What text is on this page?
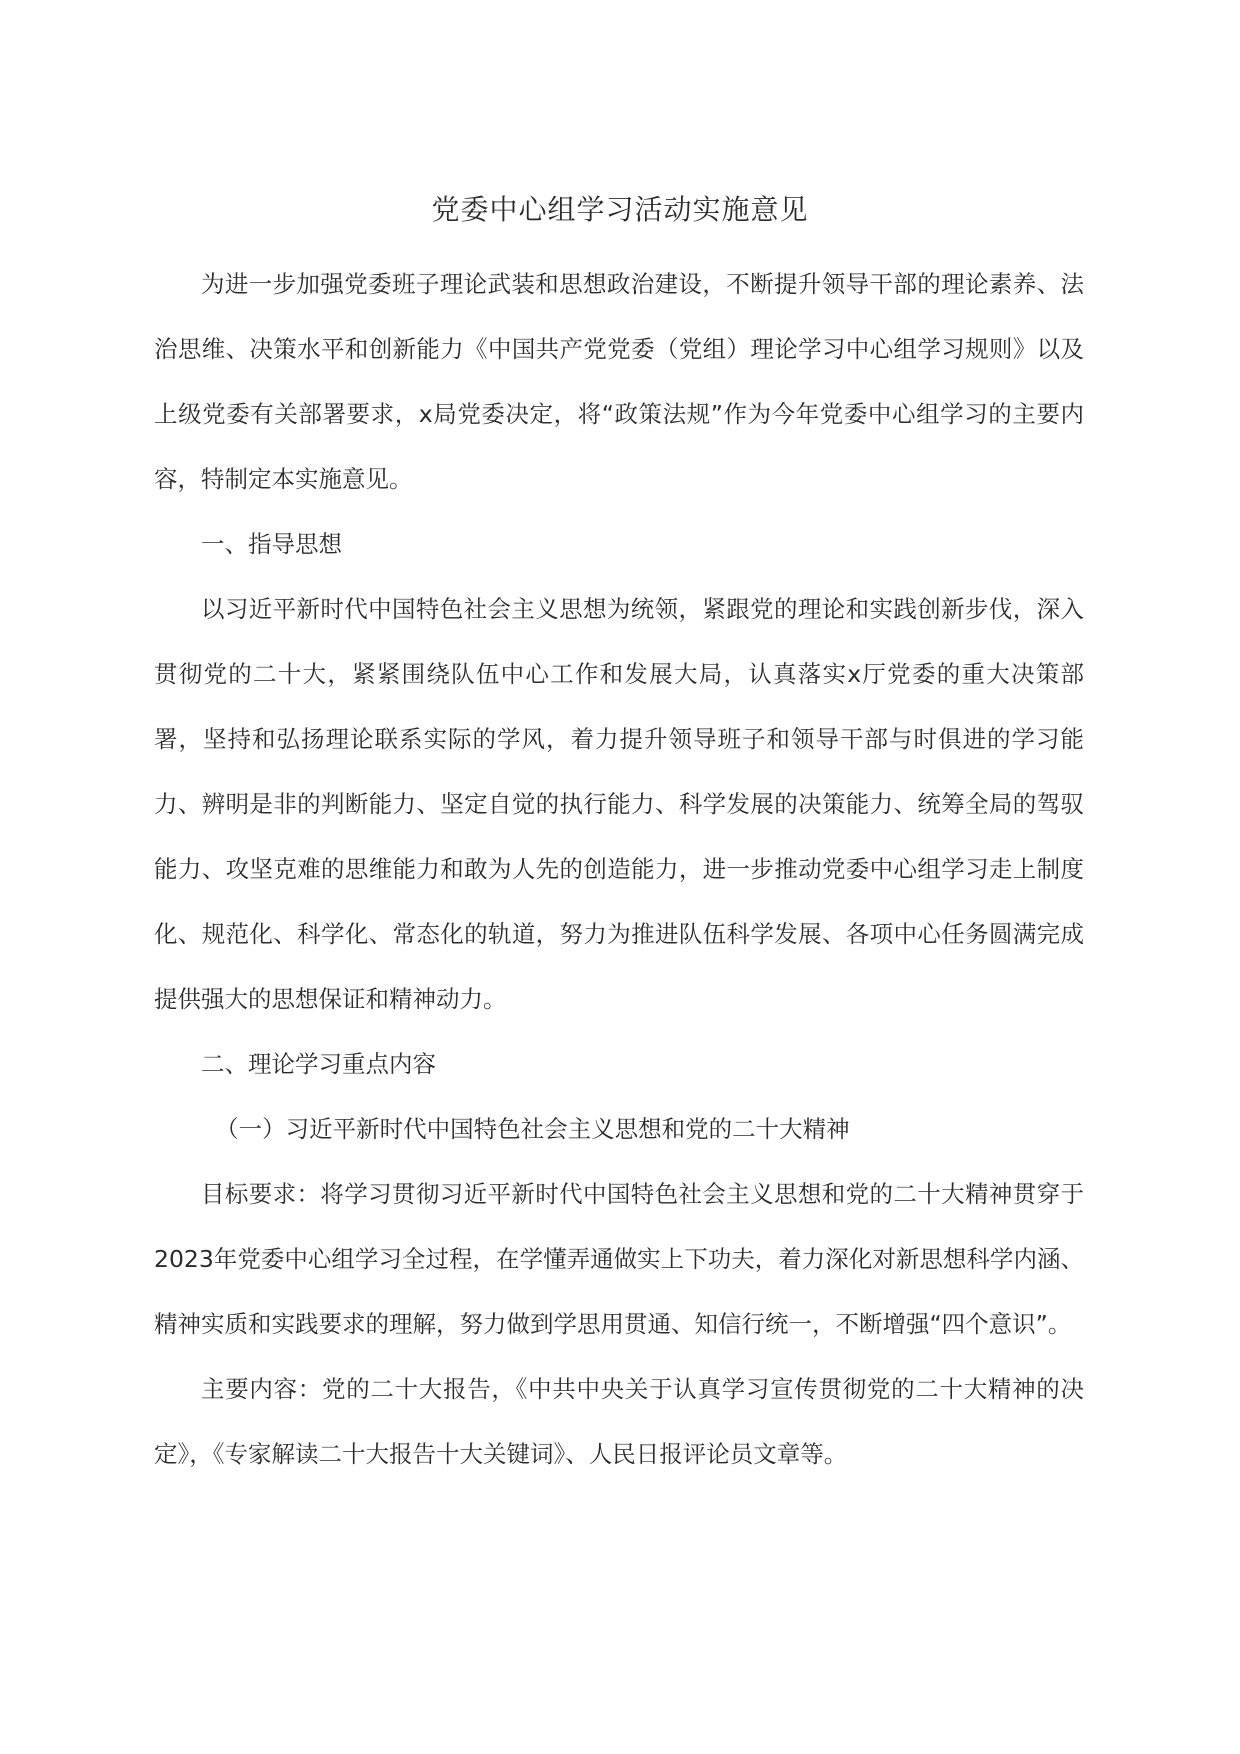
党委中心组学习活动实施意见

为进一步加强党委班子理论武装和思想政治建设，不断提升领导干部的理论素养、法治思维、决策水平和创新能力《中国共产党党委（党组）理论学习中心组学习规则》以及上级党委有关部署要求，x局党委决定，将“政策法规”作为今年党委中心组学习的主要内容，特制定本实施意见。

一、指导思想

以习近平新时代中国特色社会主义思想为统领，紧跟党的理论和实践创新步伐，深入贯彻党的二十大，紧紧围绕队伍中心工作和发展大局，认真落实x厅党委的重大决策部署，坚持和弘扬理论联系实际的学风，着力提升领导班子和领导干部与时俱进的学习能力、辨明是非的判断能力、坚定自觉的执行能力、科学发展的决策能力、统筹全局的驾驭能力、攻坚克难的思维能力和敢为人先的创造能力，进一步推动党委中心组学习走上制度化、规范化、科学化、常态化的轨道，努力为推进队伍科学发展、各项中心任务圆满完成提供强大的思想保证和精神动力。

二、理论学习重点内容

（一）习近平新时代中国特色社会主义思想和党的二十大精神

目标要求：将学习贯彻习近平新时代中国特色社会主义思想和党的二十大精神贯穿于2023年党委中心组学习全过程，在学懂弄通做实上下功夫，着力深化对新思想科学内涵、精神实质和实践要求的理解，努力做到学思用贯通、知信行统一，不断增强“四个意识”。

主要内容：党的二十大报告，《中共中央关于认真学习宣传贯彻党的二十大精神的决定》，《专家解读二十大报告十大关键词》、人民日报评论员文章等。
